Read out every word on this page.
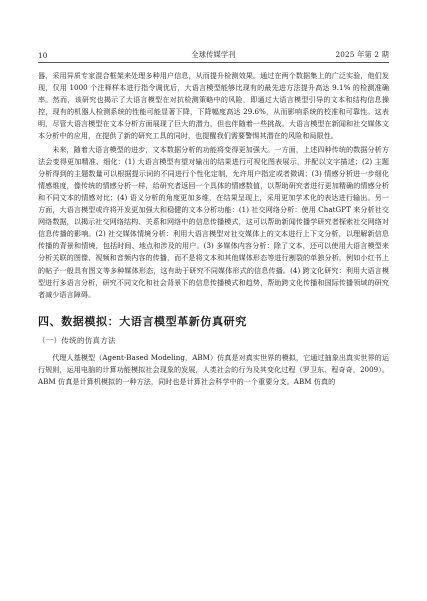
10	全球传媒学刊	2025 年第 2 期

器，采用异质专家混合框架来处理多种用户信息，从而提升检测效果。通过在两个数据集上的广泛实验，他们发现，仅用 1000 个注释样本进行指令调优后，大语言模型能够比现有的最先进方法提升高达 9.1% 的检测准确率。然而，该研究也揭示了大语言模型在对抗检测策略中的风险，即通过大语言模型引导的文本和结构信息操控，现有的机器人检测系统的性能可能显著下降，下降幅度高达 29.6%，从而影响系统的校准和可靠性。这表明，尽管大语言模型在文本分析方面展现了巨大的潜力，但也伴随着一些挑战。大语言模型在新闻和社交媒体文本分析中的应用，在提供了新的研究工具的同时，也提醒我们需要警惕其潜在的风险和局限性。

未来，随着大语言模型的进步，文本数据分析的功能将变得更加强大。一方面，上述四种传统的数据分析方法会变得更加精准、细化：(1) 大语言模型有望对输出的结果进行可视化图表展示，并配以文字描述；(2) 主题分析得到的主题数量可以根据提示词的不同进行个性化定制，允许用户指定或者微调；(3) 情感分析进一步细化情感维度，像传统的情感分析一样，给研究者返回一个具体的情感数值，以帮助研究者进行更加精确的情感分析和不同文本的情感对比；(4) 语义分析的角度更加多维，在结果呈现上，采用更加学术化的表达进行输出。另一方面，大语言模型或许将开发更加强大和稳健的文本分析功能：(1) 社交网络分析：使用 ChatGPT 来分析社交网络数据，以揭示社交网络结构、关系和网络中的信息传播模式，这可以帮助新闻传播学研究者探索社交网络对信息传播的影响。(2) 社交媒体情境分析：利用大语言模型对社交媒体上的文本进行上下文分析，以理解新信息传播的背景和情境，包括时间、地点和涉及的用户。(3) 多媒体内容分析：除了文本，还可以使用大语言模型来分析关联的图像、视频和音频内容的传播，而不是将文本和其他媒体形态等进行割裂的单独分析，例如小红书上的帖子一般具有图文等多种媒体形态，这有助于研究不同媒体形式的信息传播。(4) 跨文化研究：利用大语言模型进行多语言分析，研究不同文化和社会背景下的信息传播模式和趋势，帮助跨文化传播和国际传播领域的研究者减少语言障碍。

四、数据模拟：大语言模型革新仿真研究
（一）传统的仿真方法

代理人基模型（Agent-Based Modeling，ABM）仿真是对真实世界的模拟，它通过抽象出真实世界的运行规则，运用电脑的计算功能模拟社会现象的发展，人类社会的行为及其变化过程（罗卫东、程奇奇，2009）。ABM 仿真是计算机模拟的一种方法，同时也是计算社会科学中的一个重要分支。ABM 仿真的
